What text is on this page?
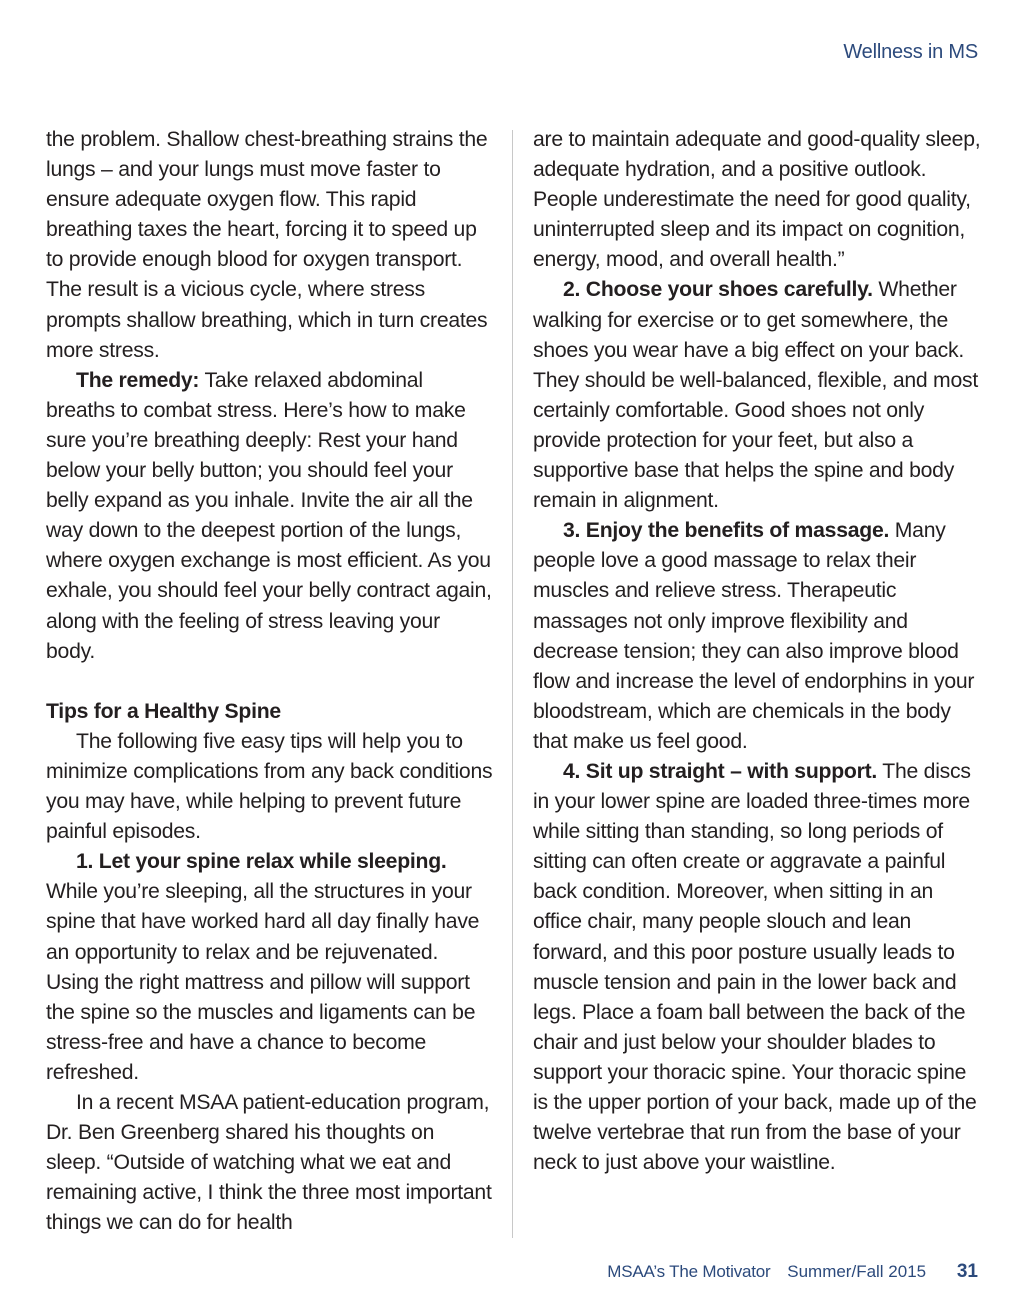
Wellness in MS

the problem. Shallow chest-breathing strains the lungs – and your lungs must move faster to ensure adequate oxygen flow. This rapid breathing taxes the heart, forcing it to speed up to provide enough blood for oxygen transport. The result is a vicious cycle, where stress prompts shallow breathing, which in turn creates more stress.

The remedy: Take relaxed abdominal breaths to combat stress. Here’s how to make sure you’re breathing deeply: Rest your hand below your belly button; you should feel your belly expand as you inhale. Invite the air all the way down to the deepest portion of the lungs, where oxygen exchange is most efficient. As you exhale, you should feel your belly contract again, along with the feeling of stress leaving your body.

Tips for a Healthy Spine

The following five easy tips will help you to minimize complications from any back conditions you may have, while helping to prevent future painful episodes.

1. Let your spine relax while sleeping. While you’re sleeping, all the structures in your spine that have worked hard all day finally have an opportunity to relax and be rejuvenated. Using the right mattress and pillow will support the spine so the muscles and ligaments can be stress-free and have a chance to become refreshed.

In a recent MSAA patient-education program, Dr. Ben Greenberg shared his thoughts on sleep. “Outside of watching what we eat and remaining active, I think the three most important things we can do for health

are to maintain adequate and good-quality sleep, adequate hydration, and a positive outlook. People underestimate the need for good quality, uninterrupted sleep and its impact on cognition, energy, mood, and overall health.”

2. Choose your shoes carefully. Whether walking for exercise or to get somewhere, the shoes you wear have a big effect on your back. They should be well-balanced, flexible, and most certainly comfortable. Good shoes not only provide protection for your feet, but also a supportive base that helps the spine and body remain in alignment.

3. Enjoy the benefits of massage. Many people love a good massage to relax their muscles and relieve stress. Therapeutic massages not only improve flexibility and decrease tension; they can also improve blood flow and increase the level of endorphins in your bloodstream, which are chemicals in the body that make us feel good.

4. Sit up straight – with support. The discs in your lower spine are loaded three-times more while sitting than standing, so long periods of sitting can often create or aggravate a painful back condition. Moreover, when sitting in an office chair, many people slouch and lean forward, and this poor posture usually leads to muscle tension and pain in the lower back and legs. Place a foam ball between the back of the chair and just below your shoulder blades to support your thoracic spine. Your thoracic spine is the upper portion of your back, made up of the twelve vertebrae that run from the base of your neck to just above your waistline.

MSAA’s The Motivator Summer/Fall 2015 31
